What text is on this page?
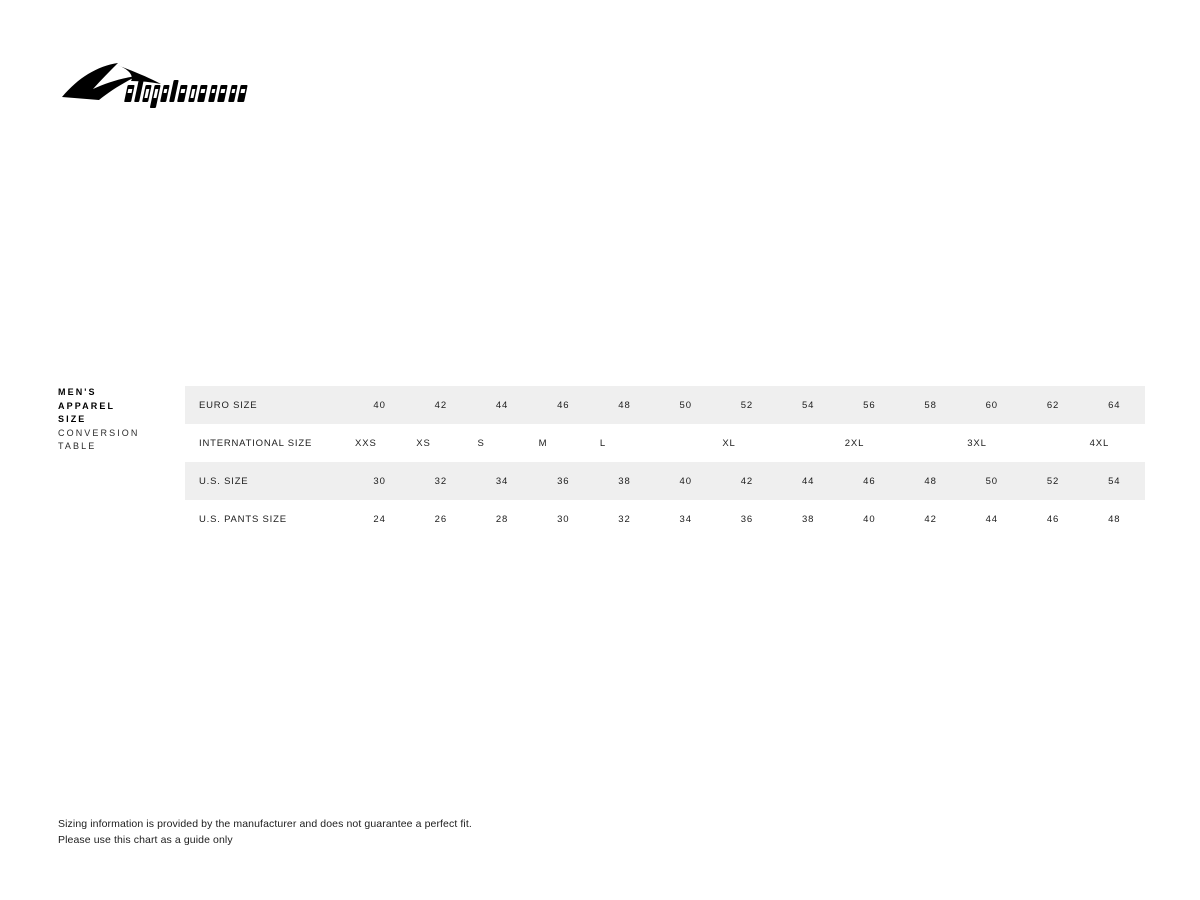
MEN'S
APPAREL
SIZE
CONVERSION
TABLE
EURO SIZE	40	42	44	46	48	50	52	54	56	58	60	62	64
INTERNATIONAL SIZE	XXS	XS	S	M	L		XL		2XL		3XL		4XL
U.S. SIZE	30	32	34	36	38	40	42	44	46	48	50	52	54
U.S. PANTS SIZE	24	26	28	30	32	34	36	38	40	42	44	46	48
Sizing information is provided by the manufacturer and does not guarantee a perfect fit.
Please use this chart as a guide only
